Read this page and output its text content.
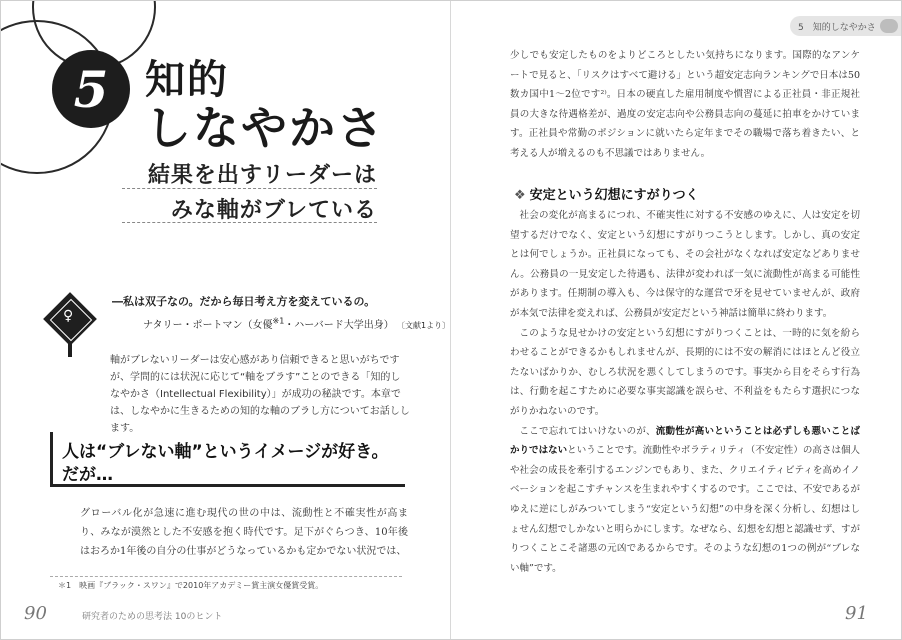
5 知的
しなやかさ
結果を出すリーダーは
みな軸がブレている
♀
―私は双子なの。だから毎日考え方を変えているの。
ナタリー・ポートマン（女優$^{※1}$・ハーバード大学出身） 〔文献1より〕
軸がブレないリーダーは安心感があり信頼できると思いがちですが、学問的には状況に応じて“軸をブラす”ことのできる「知的しなやかさ（Intellectual Flexibility）」が成功の秘訣です。本章では、しなやかに生きるための知的な軸のブラし方についてお話しします。
人は“ブレない軸”というイメージが好き。
だが…
グローバル化が急速に進む現代の世の中は、流動性と不確実性が高まり、みなが漠然とした不安感を抱く時代です。足下がぐらつき、10年後はおろか1年後の自分の仕事がどうなっているかも定かでない状況では、
＊1　映画『ブラック・スワン』で2010年アカデミー賞主演女優賞受賞。
90	研究者のための思考法 10のヒント
5　知的しなやかさ
少しでも安定したものをよりどころとしたい気持ちになります。国際的なアンケートで見ると、「リスクはすべて避ける」という超安定志向ランキングで日本は50数カ国中1〜2位です²⁾。日本の硬直した雇用制度や慣習による正社員・非正規社員の大きな待遇格差が、過度の安定志向や公務員志向の蔓延に拍車をかけています。正社員や常勤のポジションに就いたら定年までその職場で落ち着きたい、と考える人が増えるのも不思議ではありません。
❖ 安定という幻想にすがりつく

社会の変化が高まるにつれ、不確実性に対する不安感のゆえに、人は安定を切望するだけでなく、安定という幻想にすがりつこうとします。しかし、真の安定とは何でしょうか。正社員になっても、その会社がなくなれば安定などありません。公務員の一見安定した待遇も、法律が変われば一気に流動性が高まる可能性があります。任期制の導入も、今は保守的な運営で牙を見せていませんが、政府が本気で法律を変えれば、公務員が安定だという神話は簡単に終わります。

このような見せかけの安定という幻想にすがりつくことは、一時的に気を紛らわせることができるかもしれませんが、長期的には不安の解消にはほとんど役立たないばかりか、むしろ状況を悪くしてしまうのです。事実から目をそらす行為は、行動を起こすために必要な事実認識を誤らせ、不利益をもたらす選択につながりかねないのです。

ここで忘れてはいけないのが、流動性が高いということは必ずしも悪いことばかりではないということです。流動性やボラティリティ（不安定性）の高さは個人や社会の成長を牽引するエンジンでもあり、また、クリエイティビティを高めイノベーションを起こすチャンスを生まれやすくするのです。ここでは、不安であるがゆえに逆にしがみついてしまう“安定という幻想”の中身を深く分析し、幻想はしょせん幻想でしかないと明らかにします。なぜなら、幻想を幻想と認識せず、すがりつくことこそ諸悪の元凶であるからです。そのような幻想の1つの例が“ブレない軸”です。

91
